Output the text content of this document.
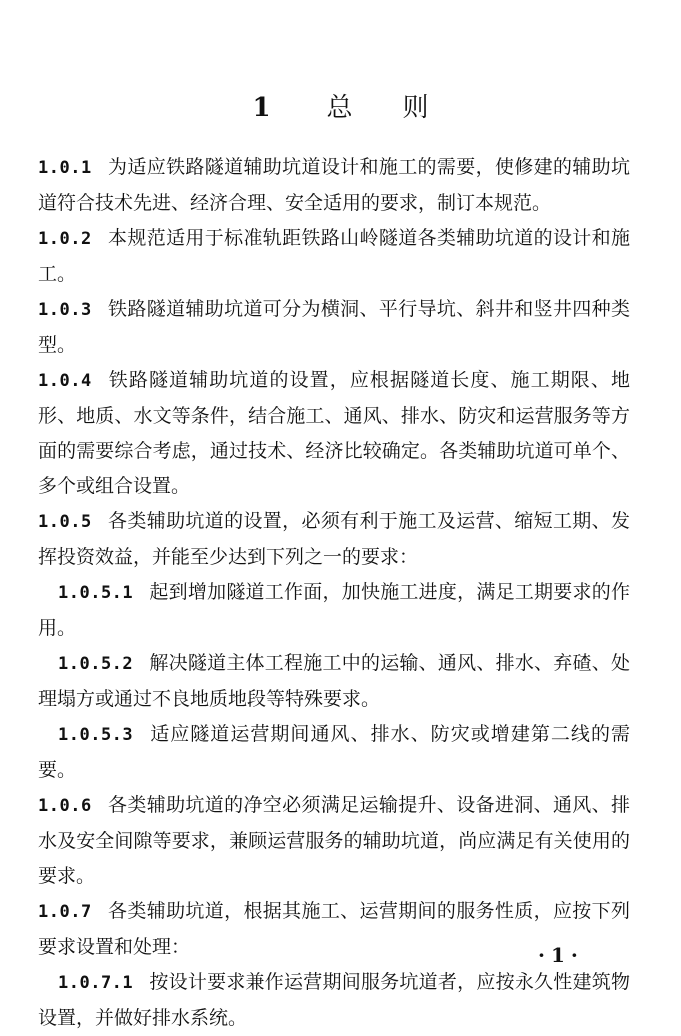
1 总 则

1.0.1 为适应铁路隧道辅助坑道设计和施工的需要，使修建的辅助坑道符合技术先进、经济合理、安全适用的要求，制订本规范。

1.0.2 本规范适用于标准轨距铁路山岭隧道各类辅助坑道的设计和施工。

1.0.3 铁路隧道辅助坑道可分为横洞、平行导坑、斜井和竖井四种类型。

1.0.4 铁路隧道辅助坑道的设置，应根据隧道长度、施工期限、地形、地质、水文等条件，结合施工、通风、排水、防灾和运营服务等方面的需要综合考虑，通过技术、经济比较确定。各类辅助坑道可单个、多个或组合设置。

1.0.5 各类辅助坑道的设置，必须有利于施工及运营、缩短工期、发挥投资效益，并能至少达到下列之一的要求：

1.0.5.1 起到增加隧道工作面，加快施工进度，满足工期要求的作用。

1.0.5.2 解决隧道主体工程施工中的运输、通风、排水、弃碴、处理塌方或通过不良地质地段等特殊要求。

1.0.5.3 适应隧道运营期间通风、排水、防灾或增建第二线的需要。

1.0.6 各类辅助坑道的净空必须满足运输提升、设备进洞、通风、排水及安全间隙等要求，兼顾运营服务的辅助坑道，尚应满足有关使用的要求。

1.0.7 各类辅助坑道，根据其施工、运营期间的服务性质，应按下列要求设置和处理：

1.0.7.1 按设计要求兼作运营期间服务坑道者，应按永久性建筑物设置，并做好排水系统。

·1·
